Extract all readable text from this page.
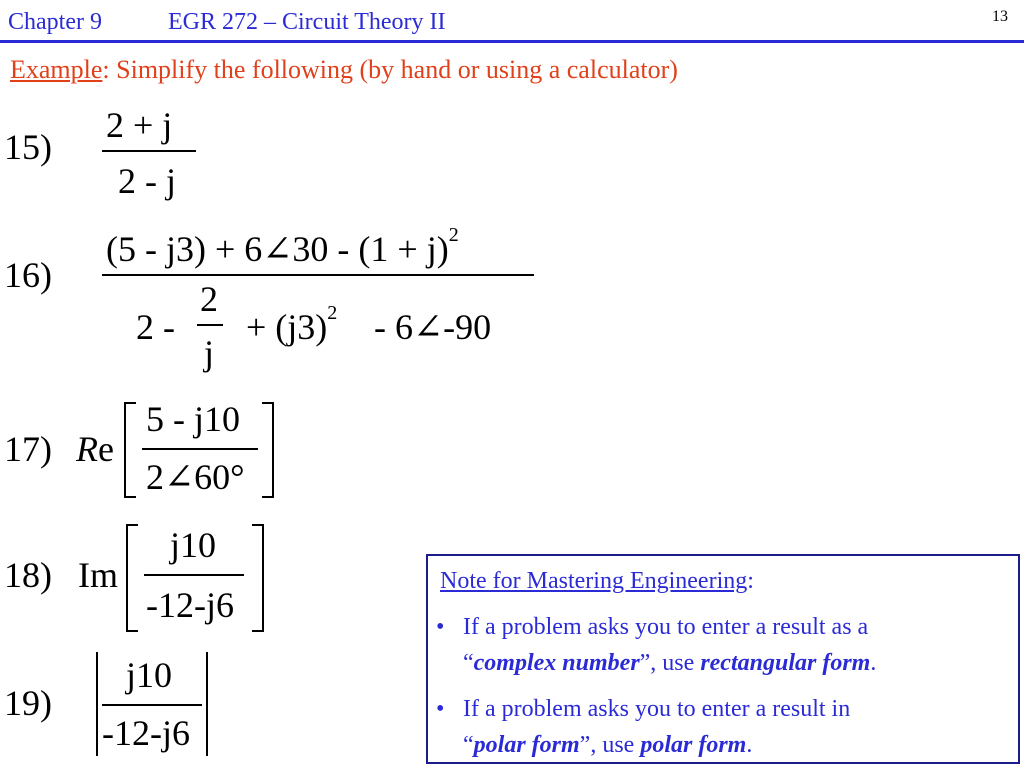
Chapter 9	EGR 272 – Circuit Theory II	13
Example: Simplify the following (by hand or using a calculator)
15)
2 + j
2 - j
16)
(5 - j3) + 6∠30 - $(1 + j)^2$
2 -
2
j
+ $(j3)^2$ - 6∠-90
17) Re
5 - j10
2∠60°
18) Im
j10
-12-j6
19)
j10
-12-j6
Note for Mastering Engineering:
• If a problem asks you to enter a result as a
“complex number”, use rectangular form.
• If a problem asks you to enter a result in
“polar form”, use polar form.
